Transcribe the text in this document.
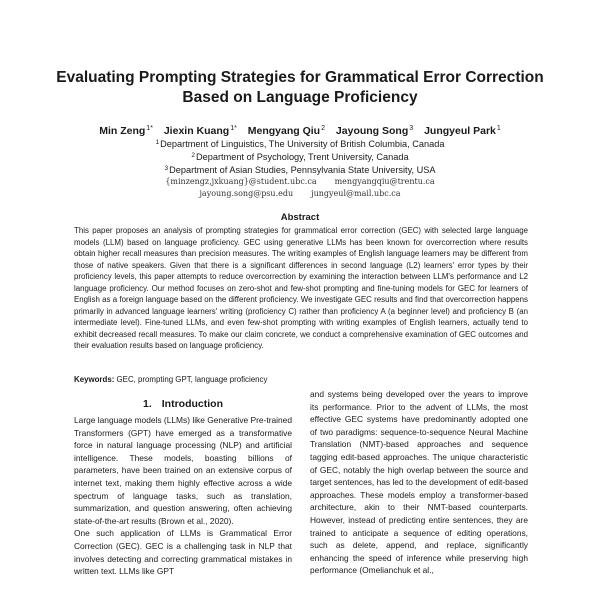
Evaluating Prompting Strategies for Grammatical Error Correction
Based on Language Proficiency
Min Zeng$^{1*}$ Jiexin Kuang$^{1*}$ Mengyang Qiu$^2$ Jayoung Song$^3$ Jungyeul Park$^1$
$^1$Department of Linguistics, The University of British Columbia, Canada
$^2$Department of Psychology, Trent University, Canada
$^3$Department of Asian Studies, Pennsylvania State University, USA
{minzengz,jxkuang}@student.ubc.ca mengyangqiu@trentu.ca
jayoung.song@psu.edu jungyeul@mail.ubc.ca
Abstract
This paper proposes an analysis of prompting strategies for grammatical error correction (GEC) with selected large language models (LLM) based on language proficiency. GEC using generative LLMs has been known for overcorrection where results obtain higher recall measures than precision measures. The writing examples of English language learners may be different from those of native speakers. Given that there is a significant differences in second language (L2) learners' error types by their proficiency levels, this paper attempts to reduce overcorrection by examining the interaction between LLM's performance and L2 language proficiency. Our method focuses on zero-shot and few-shot prompting and fine-tuning models for GEC for learners of English as a foreign language based on the different proficiency. We investigate GEC results and find that overcorrection happens primarily in advanced language learners' writing (proficiency C) rather than proficiency A (a beginner level) and proficiency B (an intermediate level). Fine-tuned LLMs, and even few-shot prompting with writing examples of English learners, actually tend to exhibit decreased recall measures. To make our claim concrete, we conduct a comprehensive examination of GEC outcomes and their evaluation results based on language proficiency.
Keywords: GEC, prompting GPT, language proficiency
1. Introduction

Large language models (LLMs) like Generative Pre-trained Transformers (GPT) have emerged as a transformative force in natural language processing (NLP) and artificial intelligence. These models, boasting billions of parameters, have been trained on an extensive corpus of internet text, making them highly effective across a wide spectrum of language tasks, such as translation, summarization, and question answering, often achieving state-of-the-art results (Brown et al., 2020).

One such application of LLMs is Grammatical Error Correction (GEC). GEC is a challenging task in NLP that involves detecting and correcting grammatical mistakes in written text. LLMs like GPT

and systems being developed over the years to improve its performance. Prior to the advent of LLMs, the most effective GEC systems have predominantly adopted one of two paradigms: sequence-to-sequence Neural Machine Translation (NMT)-based approaches and sequence tagging edit-based approaches. The unique characteristic of GEC, notably the high overlap between the source and target sentences, has led to the development of edit-based approaches. These models employ a transformer-based architecture, akin to their NMT-based counterparts. However, instead of predicting entire sentences, they are trained to anticipate a sequence of editing operations, such as delete, append, and replace, significantly enhancing the speed of inference while preserving high performance (Omelianchuk et al.,
